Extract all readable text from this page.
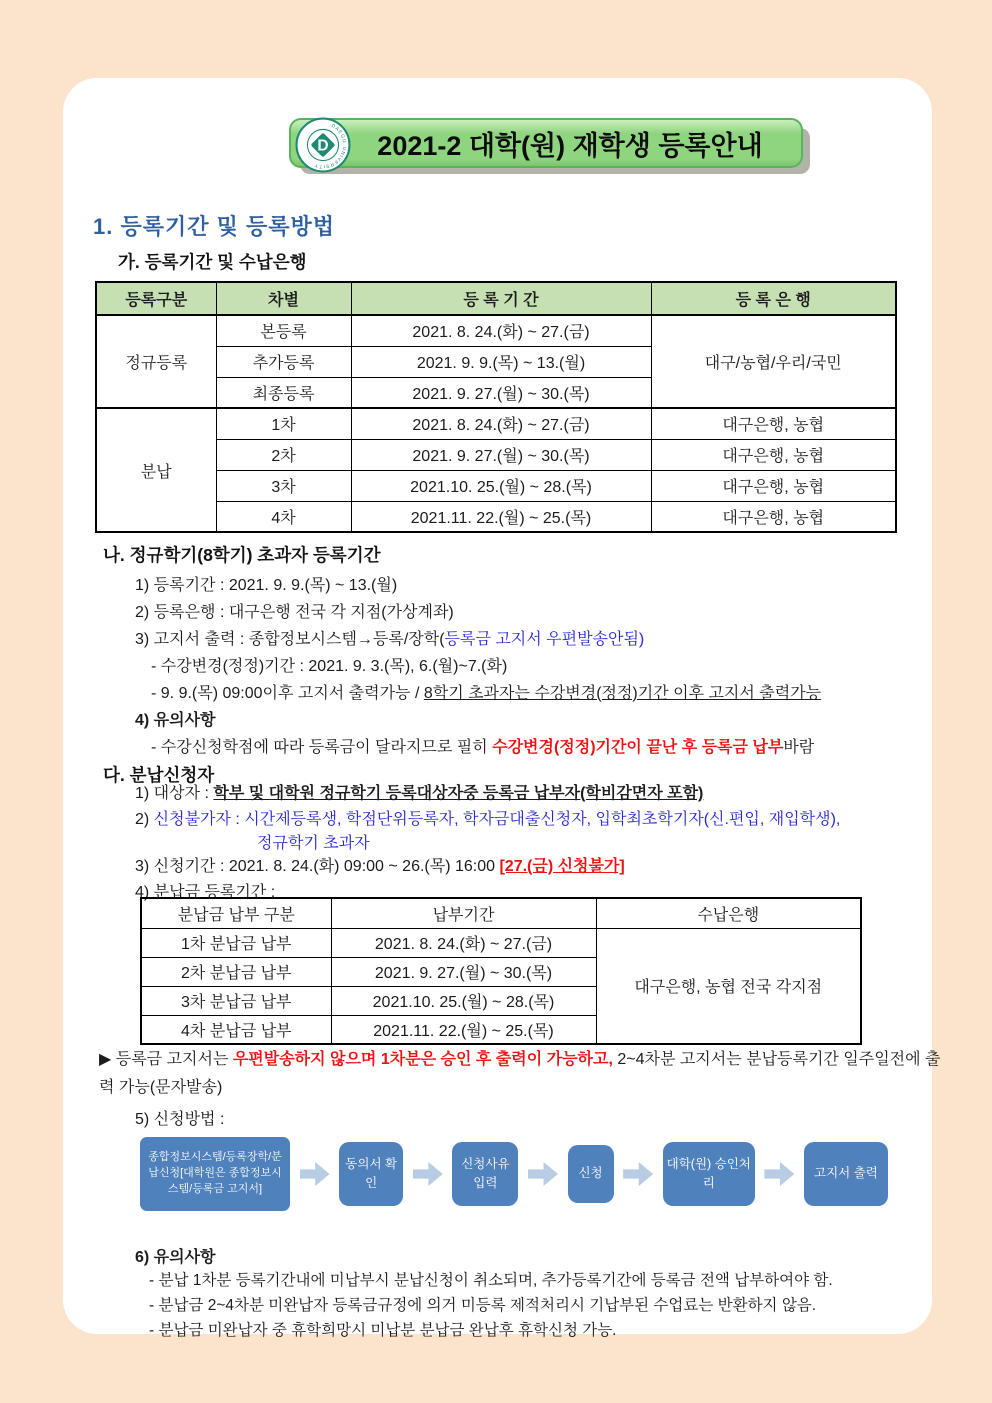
D
DAEGU UNIVERSITY
2021-2 대학(원) 재학생 등록안내
1. 등록기간 및 등록방법
가. 등록기간 및 수납은행
등록구분	차별	등 록 기 간	등 록 은 행
정규등록	본등록	2021. 8. 24.(화) ~ 27.(금)	대구/농협/우리/국민
	추가등록	2021. 9. 9.(목) ~ 13.(월)	
	최종등록	2021. 9. 27.(월) ~ 30.(목)	
분납	1차	2021. 8. 24.(화) ~ 27.(금)	대구은행, 농협
	2차	2021. 9. 27.(월) ~ 30.(목)	대구은행, 농협
	3차	2021.10. 25.(월) ~ 28.(목)	대구은행, 농협
	4차	2021.11. 22.(월) ~ 25.(목)	대구은행, 농협
나. 정규학기(8학기) 초과자 등록기간
1) 등록기간 : 2021. 9. 9.(목) ~ 13.(월)
2) 등록은행 : 대구은행 전국 각 지점(가상계좌)
3) 고지서 출력 : 종합정보시스템→등록/장학(등록금 고지서 우편발송안됨)
- 수강변경(정정)기간 : 2021. 9. 3.(목), 6.(월)~7.(화)
- 9. 9.(목) 09:00이후 고지서 출력가능 / 8학기 초과자는 수강변경(정정)기간 이후 고지서 출력가능
4) 유의사항
- 수강신청학점에 따라 등록금이 달라지므로 필히 수강변경(정정)기간이 끝난 후 등록금 납부바람
다. 분납신청자
1) 대상자 : 학부 및 대학원 정규학기 등록대상자중 등록금 납부자(학비감면자 포함)
2) 신청불가자 : 시간제등록생, 학점단위등록자, 학자금대출신청자, 입학최초학기자(신.편입, 재입학생),
정규학기 초과자
3) 신청기간 : 2021. 8. 24.(화) 09:00 ~ 26.(목) 16:00 [27.(금) 신청불가]
4) 분납금 등록기간 :
분납금 납부 구분	납부기간	수납은행
1차 분납금 납부	2021. 8. 24.(화) ~ 27.(금)	대구은행, 농협 전국 각지점
2차 분납금 납부	2021. 9. 27.(월) ~ 30.(목)	
3차 분납금 납부	2021.10. 25.(월) ~ 28.(목)	
4차 분납금 납부	2021.11. 22.(월) ~ 25.(목)	
▶ 등록금 고지서는 우편발송하지 않으며 1차분은 승인 후 출력이 가능하고, 2~4차분 고지서는 분납등록기간 일주일전에 출력 가능(문자발송)
5) 신청방법 :
종합정보시스템/등록장학/분납신청[대학원은 종합정보시스템/등록금 고지서]
동의서 확인
신청사유 입력
신청
대학(원) 승인처리
고지서 출력
6) 유의사항
- 분납 1차분 등록기간내에 미납부시 분납신청이 취소되며, 추가등록기간에 등록금 전액 납부하여야 함.
- 분납금 2~4차분 미완납자 등록금규정에 의거 미등록 제적처리시 기납부된 수업료는 반환하지 않음.
- 분납금 미완납자 중 휴학희망시 미납분 분납금 완납후 휴학신청 가능.
